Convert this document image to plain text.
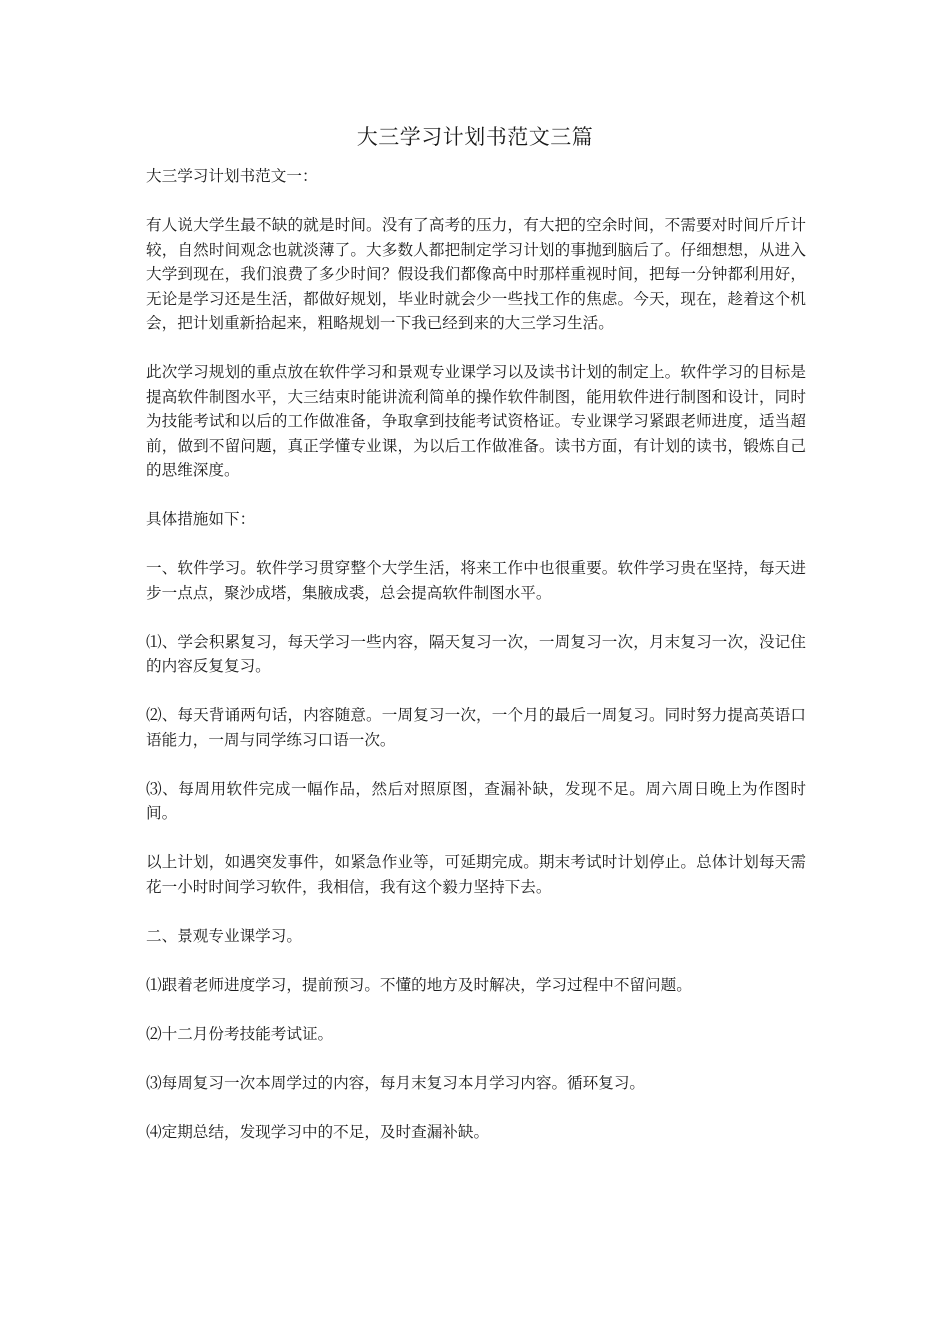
大三学习计划书范文三篇

大三学习计划书范文一：

有人说大学生最不缺的就是时间。没有了高考的压力，有大把的空余时间，不需要对时间斤斤计较，自然时间观念也就淡薄了。大多数人都把制定学习计划的事抛到脑后了。仔细想想，从进入大学到现在，我们浪费了多少时间？假设我们都像高中时那样重视时间，把每一分钟都利用好，无论是学习还是生活，都做好规划，毕业时就会少一些找工作的焦虑。今天，现在，趁着这个机会，把计划重新拾起来，粗略规划一下我已经到来的大三学习生活。

此次学习规划的重点放在软件学习和景观专业课学习以及读书计划的制定上。软件学习的目标是提高软件制图水平，大三结束时能讲流利简单的操作软件制图，能用软件进行制图和设计，同时为技能考试和以后的工作做准备，争取拿到技能考试资格证。专业课学习紧跟老师进度，适当超前，做到不留问题，真正学懂专业课，为以后工作做准备。读书方面，有计划的读书，锻炼自己的思维深度。

具体措施如下：

一、软件学习。软件学习贯穿整个大学生活，将来工作中也很重要。软件学习贵在坚持，每天进步一点点，聚沙成塔，集腋成裘，总会提高软件制图水平。

⑴、学会积累复习，每天学习一些内容，隔天复习一次，一周复习一次，月末复习一次，没记住的内容反复复习。

⑵、每天背诵两句话，内容随意。一周复习一次，一个月的最后一周复习。同时努力提高英语口语能力，一周与同学练习口语一次。

⑶、每周用软件完成一幅作品，然后对照原图，查漏补缺，发现不足。周六周日晚上为作图时间。

以上计划，如遇突发事件，如紧急作业等，可延期完成。期末考试时计划停止。总体计划每天需花一小时时间学习软件，我相信，我有这个毅力坚持下去。

二、景观专业课学习。

⑴跟着老师进度学习，提前预习。不懂的地方及时解决，学习过程中不留问题。

⑵十二月份考技能考试证。

⑶每周复习一次本周学过的内容，每月末复习本月学习内容。循环复习。

⑷定期总结，发现学习中的不足，及时查漏补缺。
